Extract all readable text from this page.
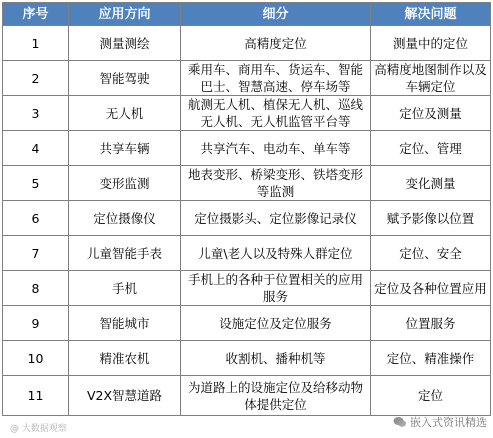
序号	应用方向	细分	解决问题
1	测量测绘	高精度定位	测量中的定位
2	智能驾驶	乘用车、商用车、货运车、智能巴士、智慧高速、停车场等	高精度地图制作以及车辆定位
3	无人机	航测无人机、植保无人机、巡线无人机、无人机监管平台等	定位及测量
4	共享车辆	共享汽车、电动车、单车等	定位、管理
5	变形监测	地表变形、桥梁变形、铁塔变形等监测	变化测量
6	定位摄像仪	定位摄影头、定位影像记录仪	赋予影像以位置
7	儿童智能手表	儿童\老人以及特殊人群定位	定位、安全
8	手机	手机上的各种于位置相关的应用服务	定位及各种位置应用
9	智能城市	设施定位及定位服务	位置服务
10	精准农机	收割机、播种机等	定位、精准操作
11	V2X智慧道路	为道路上的设施定位及给移动物体提供定位	定位
@ 大数据观察	嵌入式资讯精选
